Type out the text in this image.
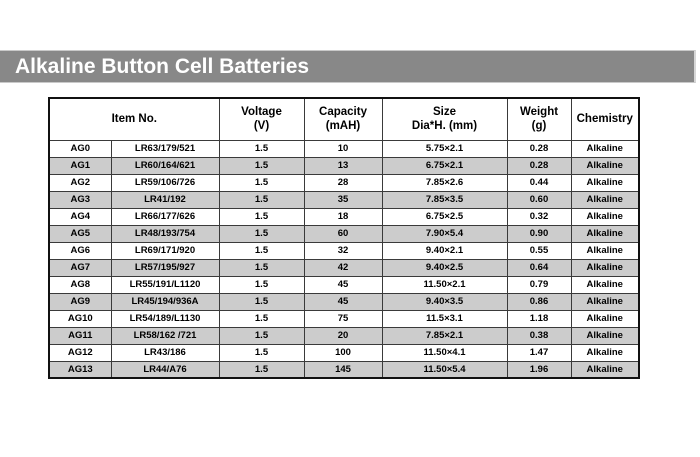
Alkaline Button Cell Batteries
Item No.	
Voltage
(V)

Capacity
(mAH)

Size
Dia*H. (mm)

Weight
(g)
	Chemistry
AG0	LR63/179/521	1.5	10	5.75×2.1	0.28	Alkaline
AG1	LR60/164/621	1.5	13	6.75×2.1	0.28	Alkaline
AG2	LR59/106/726	1.5	28	7.85×2.6	0.44	Alkaline
AG3	LR41/192	1.5	35	7.85×3.5	0.60	Alkaline
AG4	LR66/177/626	1.5	18	6.75×2.5	0.32	Alkaline
AG5	LR48/193/754	1.5	60	7.90×5.4	0.90	Alkaline
AG6	LR69/171/920	1.5	32	9.40×2.1	0.55	Alkaline
AG7	LR57/195/927	1.5	42	9.40×2.5	0.64	Alkaline
AG8	LR55/191/L1120	1.5	45	11.50×2.1	0.79	Alkaline
AG9	LR45/194/936A	1.5	45	9.40×3.5	0.86	Alkaline
AG10	LR54/189/L1130	1.5	75	11.5×3.1	1.18	Alkaline
AG11	LR58/162 /721	1.5	20	7.85×2.1	0.38	Alkaline
AG12	LR43/186	1.5	100	11.50×4.1	1.47	Alkaline
AG13	LR44/A76	1.5	145	11.50×5.4	1.96	Alkaline
